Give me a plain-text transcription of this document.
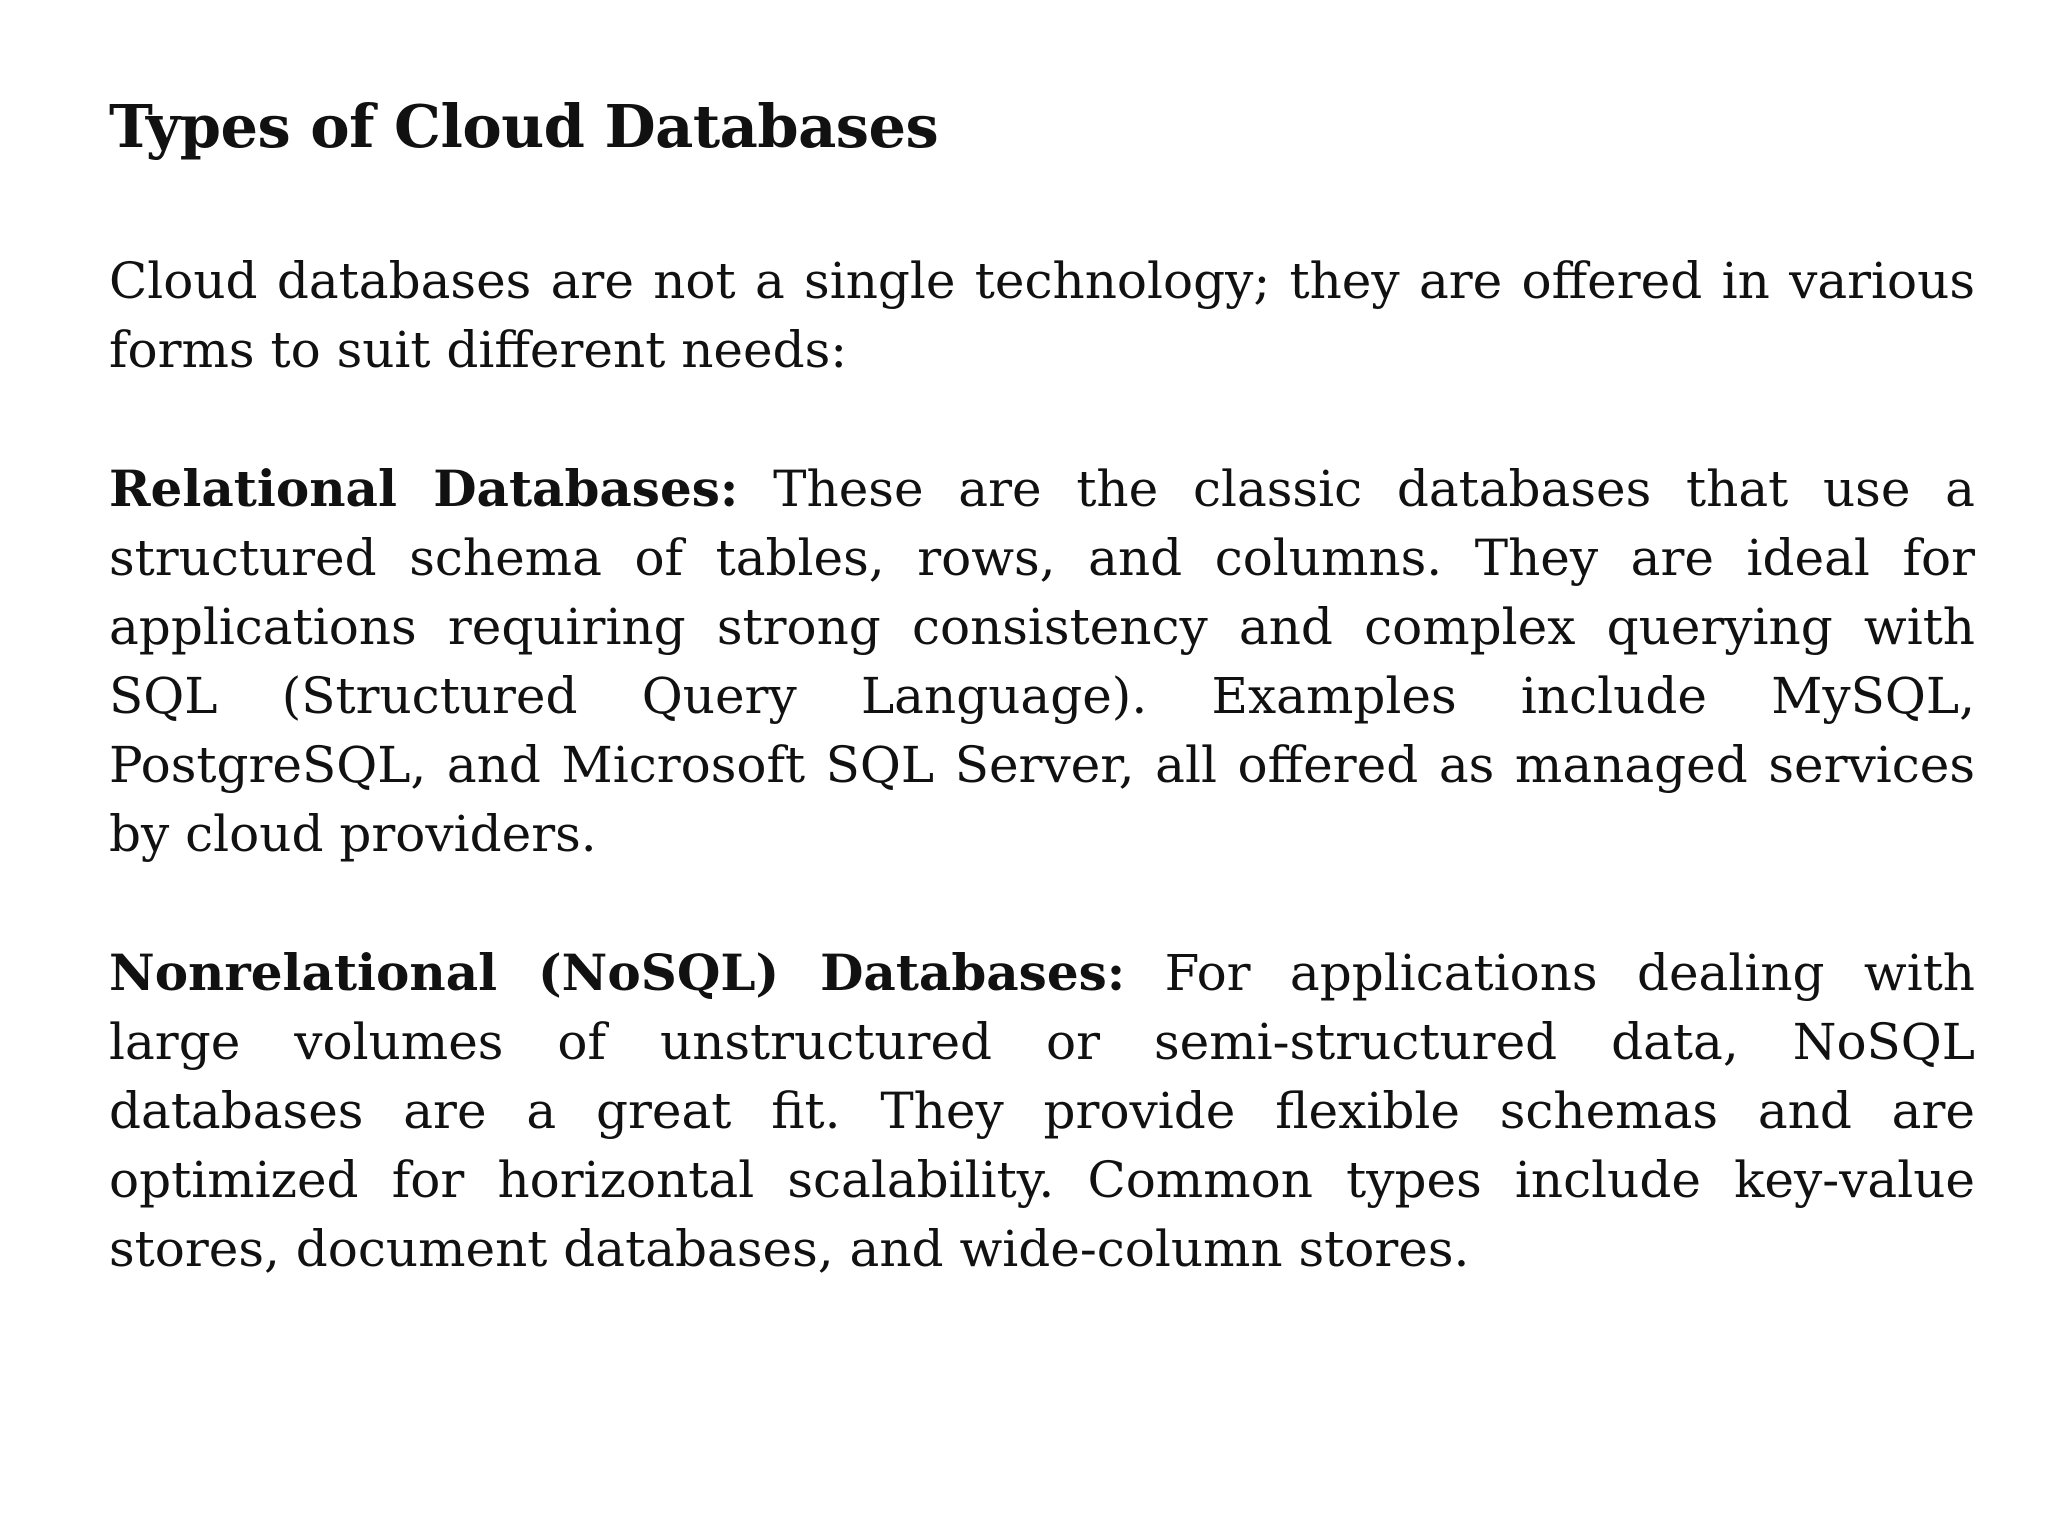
Types of Cloud Databases

Cloud databases are not a single technology; they are offered in various forms to suit different needs:

Relational Databases: These are the classic databases that use a structured schema of tables, rows, and columns. They are ideal for applications requiring strong consistency and complex querying with SQL (Structured Query Language). Examples include MySQL, PostgreSQL, and Microsoft SQL Server, all offered as managed services by cloud providers.

Nonrelational (NoSQL) Databases: For applications dealing with large volumes of unstructured or semi-structured data, NoSQL databases are a great fit. They provide flexible schemas and are optimized for horizontal scalability. Common types include key-value stores, document databases, and wide-column stores.
